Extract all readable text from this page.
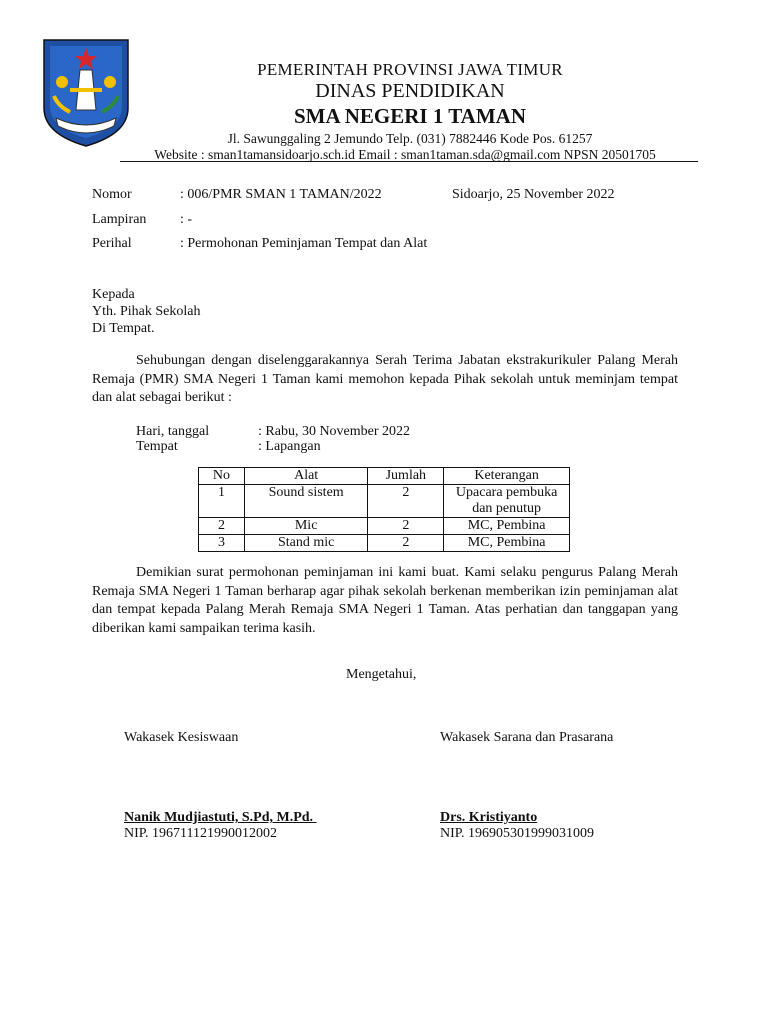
PEMERINTAH PROVINSI JAWA TIMUR
DINAS PENDIDIKAN
SMA NEGERI 1 TAMAN
Jl. Sawunggaling 2 Jemundo Telp. (031) 7882446 Kode Pos. 61257
Website : sman1tamansidoarjo.sch.id Email : sman1taman.sda@gmail.com NPSN 20501705
Nomor	: 006/PMR SMAN 1 TAMAN/2022	Sidoarjo, 25 November 2022
Lampiran : -
Perihal	: Permohonan Peminjaman Tempat dan Alat
Kepada
Yth. Pihak Sekolah
Di Tempat.
Sehubungan dengan diselenggarakannya Serah Terima Jabatan ekstrakurikuler Palang Merah Remaja (PMR) SMA Negeri 1 Taman kami memohon kepada Pihak sekolah untuk meminjam tempat dan alat sebagai berikut :
Hari, tanggal	: Rabu, 30 November 2022
Tempat	: Lapangan
No	Alat	Jumlah	Keterangan
1	Sound sistem	2	Upacara pembuka dan penutup
2	Mic	2	MC, Pembina
3	Stand mic	2	MC, Pembina
Demikian surat permohonan peminjaman ini kami buat. Kami selaku pengurus Palang Merah Remaja SMA Negeri 1 Taman berharap agar pihak sekolah berkenan memberikan izin peminjaman alat dan tempat kepada Palang Merah Remaja SMA Negeri 1 Taman. Atas perhatian dan tanggapan yang diberikan kami sampaikan terima kasih.
Mengetahui,
Wakasek Kesiswaan	Wakasek Sarana dan Prasarana
Nanik Mudjiastuti, S.Pd, M.Pd.	Drs. Kristiyanto
NIP. 196711121990012002	NIP. 196905301999031009
